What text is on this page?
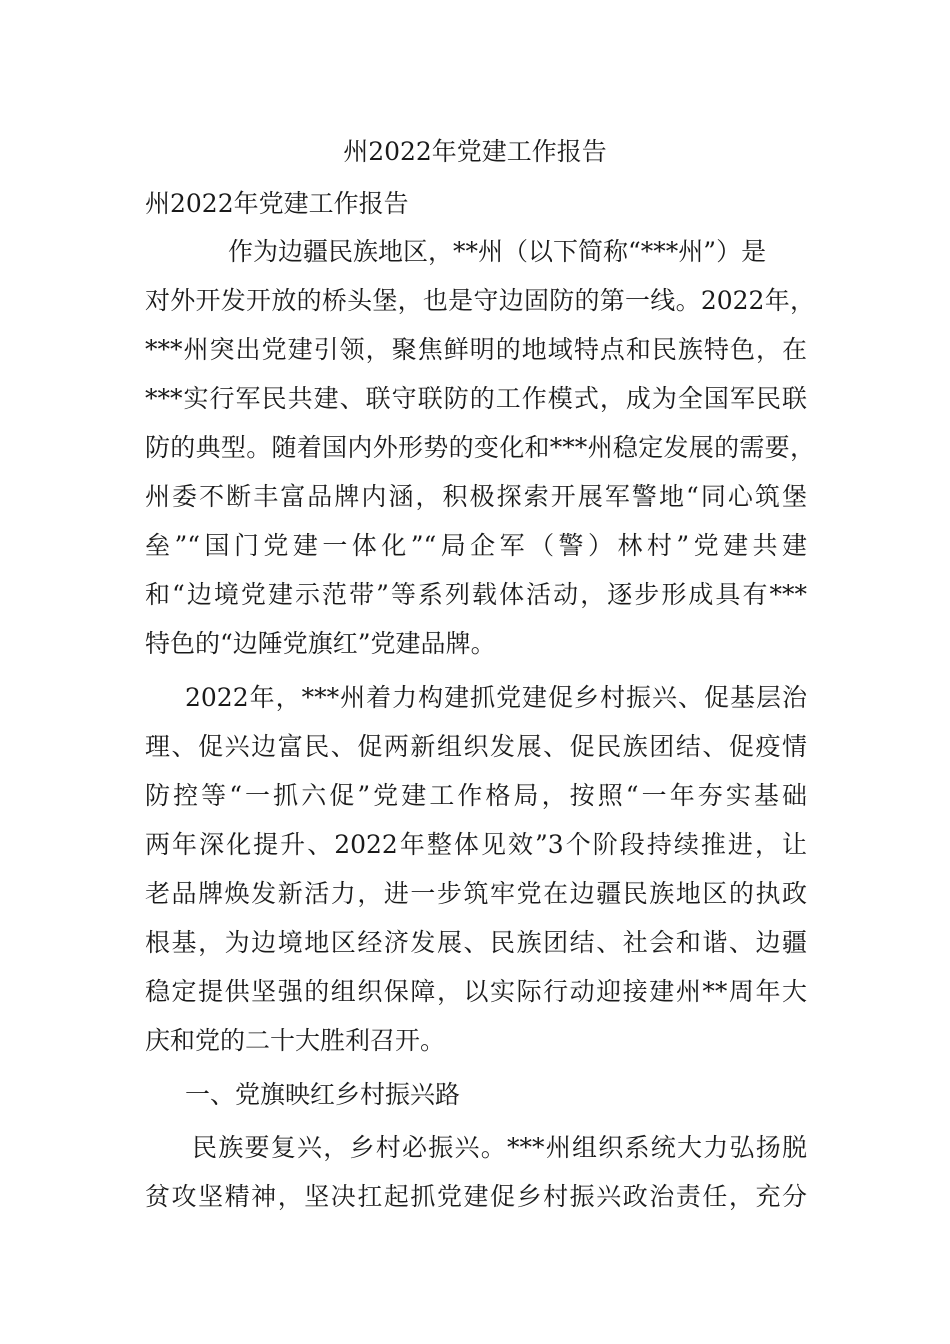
州2022年党建工作报告

州2022年党建工作报告

作为边疆民族地区，**州（以下简称“***州”）是

对外开发开放的桥头堡，也是守边固防的第一线。2022年，

***州突出党建引领，聚焦鲜明的地域特点和民族特色，在

***实行军民共建、联守联防的工作模式，成为全国军民联

防的典型。随着国内外形势的变化和***州稳定发展的需要，

州委不断丰富品牌内涵，积极探索开展军警地“同心筑堡

垒”“国门党建一体化”“局企军（警）林村”党建共建

和“边境党建示范带”等系列载体活动，逐步形成具有***

特色的“边陲党旗红”党建品牌。

2022年，***州着力构建抓党建促乡村振兴、促基层治

理、促兴边富民、促两新组织发展、促民族团结、促疫情

防控等“一抓六促”党建工作格局，按照“一年夯实基础

两年深化提升、2022年整体见效”3个阶段持续推进，让

老品牌焕发新活力，进一步筑牢党在边疆民族地区的执政

根基，为边境地区经济发展、民族团结、社会和谐、边疆

稳定提供坚强的组织保障，以实际行动迎接建州**周年大

庆和党的二十大胜利召开。

一、党旗映红乡村振兴路

民族要复兴，乡村必振兴。***州组织系统大力弘扬脱

贫攻坚精神，坚决扛起抓党建促乡村振兴政治责任，充分
